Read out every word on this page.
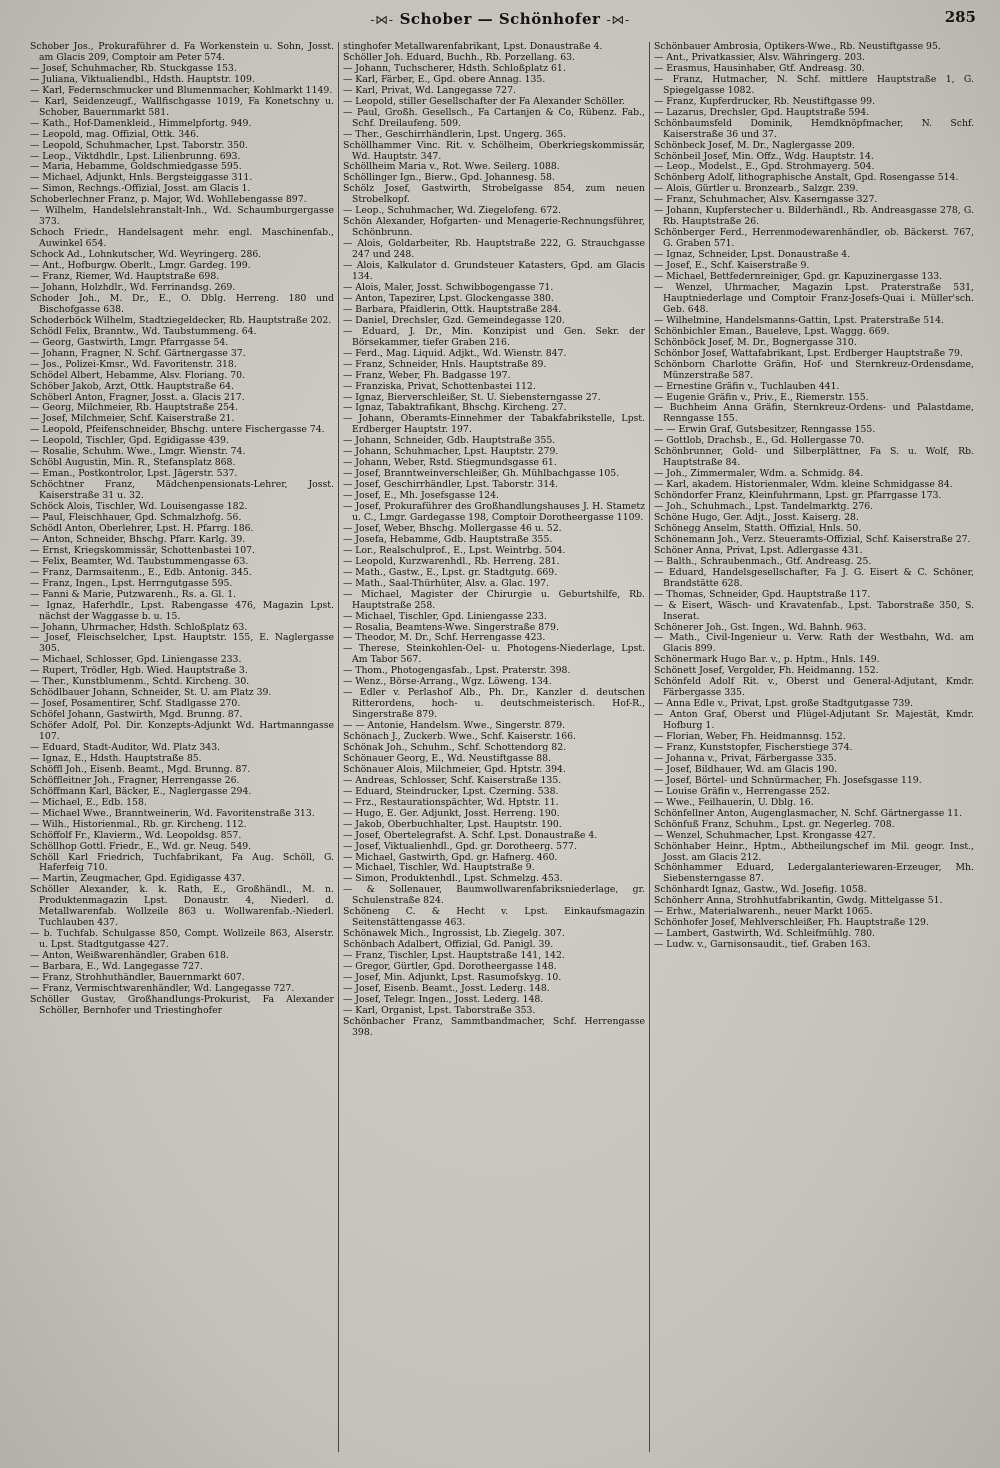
-⋈- Schober — Schönhofer -⋈-	285

Schober Jos., Prokuraführer d. Fa Workenstein u. Sohn, Josst. am Glacis 209, Comptoir am Peter 574.

— Josef, Schuhmacher, Rb. Stuckgasse 153.

— Juliana, Viktualiendbl., Hdsth. Hauptstr. 109.

— Karl, Federnschmucker und Blumenmacher, Kohlmarkt 1149.

— Karl, Seidenzeugf., Wallfischgasse 1019, Fa Konetschny u. Schober, Bauernmarkt 581.

— Kath., Hof-Damenkleid., Himmelpfortg. 949.

— Leopold, mag. Offizial, Ottk. 346.

— Leopold, Schuhmacher, Lpst. Taborstr. 350.

— Leop., Viktdhdlr., Lpst. Lilienbrunng. 693.

— Maria, Hebamme, Goldschmiedgasse 595.

— Michael, Adjunkt, Hnls. Bergsteiggasse 311.

— Simon, Rechngs.-Offizial, Josst. am Glacis 1.

Schoberlechner Franz, p. Major, Wd. Wohllebengasse 897.

— Wilhelm, Handelslehranstalt-Inh., Wd. Schaumburgergasse 373.

Schoch Friedr., Handelsagent mehr. engl. Maschinenfab., Auwinkel 654.

Schock Ad., Lohnkutscher, Wd. Weyringerg. 286.

— Ant., Hofburgw. Oberlt., Lmgr. Gardeg. 199.

— Franz, Riemer, Wd. Hauptstraße 698.

— Johann, Holzhdlr., Wd. Ferrinandsg. 269.

Schoder Joh., M. Dr., E., O. Dblg. Herreng. 180 und Bischofgasse 638.

Schoderböck Wilhelm, Stadtziegeldecker, Rb. Hauptstraße 202.

Schödl Felix, Branntw., Wd. Taubstummeng. 64.

— Georg, Gastwirth, Lmgr. Pfarrgasse 54.

— Johann, Fragner, N. Schf. Gärtnergasse 37.

— Jos., Polizei-Kmsr., Wd. Favoritenstr. 318.

Schödel Albert, Hebamme, Alsv. Floriang. 70.

Schöber Jakob, Arzt, Ottk. Hauptstraße 64.

Schöberl Anton, Fragner, Josst. a. Glacis 217.

— Georg, Milchmeier, Rb. Hauptstraße 254.

— Josef, Milchmeier, Schf. Kaiserstraße 21.

— Leopold, Pfeifenschneider, Bhschg. untere Fischergasse 74.

— Leopold, Tischler, Gpd. Egidigasse 439.

— Rosalie, Schuhm. Wwe., Lmgr. Wienstr. 74.

Schöbl Augustin, Min. R., Stefansplatz 868.

— Eman., Postkontrolor, Lpst. Jägerstr. 537.

Schöchtner Franz, Mädchenpensionats-Lehrer, Josst. Kaiserstraße 31 u. 32.

Schöck Alois, Tischler, Wd. Louisengasse 182.

— Paul, Fleischhauer, Gpd. Schmalzhofg. 56.

Schödl Anton, Oberlehrer, Lpst. H. Pfarrg. 186.

— Anton, Schneider, Bhschg. Pfarr. Karlg. 39.

— Ernst, Kriegskommissär, Schottenbastei 107.

— Felix, Beamter, Wd. Taubstummengasse 63.

— Franz, Darmsaitenm., E., Edb. Antonig. 345.

— Franz, Ingen., Lpst. Herrngutgasse 595.

— Fanni & Marie, Putzwarenh., Rs. a. Gl. 1.

— Ignaz, Haferhdlr., Lpst. Rabengasse 476, Magazin Lpst. nächst der Waggasse b. u. 15.

— Johann, Uhrmacher, Hdsth. Schloßplatz 63.

— Josef, Fleischselcher, Lpst. Hauptstr. 155, E. Naglergasse 305.

— Michael, Schlosser, Gpd. Liniengasse 233.

— Rupert, Trödler, Hgb. Wied. Hauptstraße 3.

— Ther., Kunstblumenm., Schtd. Kircheng. 30.

Schödlbauer Johann, Schneider, St. U. am Platz 39.

— Josef, Posamentirer, Schf. Stadlgasse 270.

Schöfel Johann, Gastwirth, Mgd. Brunng. 87.

Schöfer Adolf, Pol. Dir. Konzepts-Adjunkt Wd. Hartmanngasse 107.

— Eduard, Stadt-Auditor, Wd. Platz 343.

— Ignaz, E., Hdsth. Hauptstraße 85.

Schöffl Joh., Eisenb. Beamt., Mgd. Brunng. 87.

Schöffleitner Joh., Fragner, Herrengasse 26.

Schöffmann Karl, Bäcker, E., Naglergasse 294.

— Michael, E., Edb. 158.

— Michael Wwe., Branntweinerin, Wd. Favoritenstraße 313.

— Wilh., Historienmal., Rb. gr. Kircheng. 112.

Schöffolf Fr., Klavierm., Wd. Leopoldsg. 857.

Schöllhop Gottl. Friedr., E., Wd. gr. Neug. 549.

Schöll Karl Friedrich, Tuchfabrikant, Fa Aug. Schöll, G. Haferfeig 710.

— Martin, Zeugmacher, Gpd. Egidigasse 437.

Schöller Alexander, k. k. Rath, E., Großhändl., M. n. Produktenmagazin Lpst. Donaustr. 4, Niederl. d. Metallwarenfab. Wollzeile 863 u. Wollwarenfab.-Niederl. Tuchlauben 437.

— b. Tuchfab. Schulgasse 850, Compt. Wollzeile 863, Alserstr. u. Lpst. Stadtgutgasse 427.

— Anton, Weißwarenhändler, Graben 618.

— Barbara, E., Wd. Langegasse 727.

— Franz, Strohhuthändler, Bauernmarkt 607.

— Franz, Vermischtwarenhändler, Wd. Langegasse 727.

Schöller Gustav, Großhandlungs-Prokurist, Fa Alexander Schöller, Bernhofer und Triestinghofer

stinghofer Metallwarenfabrikant, Lpst. Donaustraße 4.

Schöller Joh. Eduard, Buchh., Rb. Porzellang. 63.

— Johann, Tuchscherer, Hdsth. Schloßplatz 61.

— Karl, Färber, E., Gpd. obere Annag. 135.

— Karl, Privat, Wd. Langegasse 727.

— Leopold, stiller Gesellschafter der Fa Alexander Schöller.

— Paul, Großh. Gesellsch., Fa Cartanjen & Co, Rübenz. Fab., Schf. Dreilaufeng. 509.

— Ther., Geschirrhändlerin, Lpst. Ungerg. 365.

Schöllhammer Vinc. Rit. v. Schölheim, Oberkriegskommissär, Wd. Hauptstr. 347.

Schöllheim Maria v., Rot. Wwe. Seilerg. 1088.

Schöllinger Ign., Bierw., Gpd. Johannesg. 58.

Schölz Josef, Gastwirth, Strobelgasse 854, zum neuen Strobelkopf.

— Leop., Schuhmacher, Wd. Ziegelofeng. 672.

Schön Alexander, Hofgarten- und Menagerie-Rechnungsführer, Schönbrunn.

— Alois, Goldarbeiter, Rb. Hauptstraße 222, G. Strauchgasse 247 und 248.

— Alois, Kalkulator d. Grundsteuer Katasters, Gpd. am Glacis 134.

— Alois, Maler, Josst. Schwibbogengasse 71.

— Anton, Tapezirer, Lpst. Glockengasse 380.

— Barbara, Pfaidlerin, Ottk. Hauptstraße 284.

— Daniel, Drechsler, Gzd. Gemeindegasse 120.

— Eduard, J. Dr., Min. Konzipist und Gen. Sekr. der Börsekammer, tiefer Graben 216.

— Ferd., Mag. Liquid. Adjkt., Wd. Wienstr. 847.

— Franz, Schneider, Hnls. Hauptstraße 89.

— Franz, Weber, Fh. Badgasse 197.

— Franziska, Privat, Schottenbastei 112.

— Ignaz, Bierverschleißer, St. U. Siebensterngasse 27.

— Ignaz, Tabaktrafikant, Bhschg. Kircheng. 27.

— Johann, Oberamts-Einnehmer der Tabakfabrikstelle, Lpst. Erdberger Hauptstr. 197.

— Johann, Schneider, Gdb. Hauptstraße 355.

— Johann, Schuhmacher, Lpst. Hauptstr. 279.

— Johann, Weber, Rstd. Stiegmundsgasse 61.

— Josef, Branntweinverschleißer, Gh. Mühlbachgasse 105.

— Josef, Geschirrhändler, Lpst. Taborstr. 314.

— Josef, E., Mh. Josefsgasse 124.

— Josef, Prokuraführer des Großhandlungshauses J. H. Stametz u. C., Lmgr. Gardegasse 198, Comptoir Dorotheergasse 1109.

— Josef, Weber, Bhschg. Mollergasse 46 u. 52.

— Josefa, Hebamme, Gdb. Hauptstraße 355.

— Lor., Realschulprof., E., Lpst. Weintrbg. 504.

— Leopold, Kurzwarenhdl., Rb. Herreng. 281.

— Math., Gastw., E., Lpst. gr. Stadtgutg. 669.

— Math., Saal-Thürhüter, Alsv. a. Glac. 197.

— Michael, Magister der Chirurgie u. Geburtshilfe, Rb. Hauptstraße 258.

— Michael, Tischler, Gpd. Liniengasse 233.

— Rosalia, Beamtens-Wwe. Singerstraße 879.

— Theodor, M. Dr., Schf. Herrengasse 423.

— Therese, Steinkohlen-Oel- u. Photogens-Niederlage, Lpst. Am Tabor 567.

— Thom., Photogengasfab., Lpst. Praterstr. 398.

— Wenz., Börse-Arrang., Wgz. Löweng. 134.

— Edler v. Perlashof Alb., Ph. Dr., Kanzler d. deutschen Ritterordens, hoch- u. deutschmeisterisch. Hof-R., Singerstraße 879.

— — Antonie, Handelsm. Wwe., Singerstr. 879.

Schönach J., Zuckerb. Wwe., Schf. Kaiserstr. 166.

Schönak Joh., Schuhm., Schf. Schottendorg 82.

Schönauer Georg, E., Wd. Neustiftgasse 88.

Schönauer Alois, Milchmeier, Gpd. Hptstr. 394.

— Andreas, Schlosser, Schf. Kaiserstraße 135.

— Eduard, Steindrucker, Lpst. Czerning. 538.

— Frz., Restaurationspächter, Wd. Hptstr. 11.

— Hugo, E. Ger. Adjunkt, Josst. Herreng. 190.

— Jakob, Oberbuchhalter, Lpst. Hauptstr. 190.

— Josef, Obertelegrafst. A. Schf. Lpst. Donaustraße 4.

— Josef, Viktualienhdl., Gpd. gr. Dorotheerg. 577.

— Michael, Gastwirth, Gpd. gr. Hafnerg. 460.

— Michael, Tischler, Wd. Hauptstraße 9.

— Simon, Produktenhdl., Lpst. Schmelzg. 453.

— & Sollenauer, Baumwollwarenfabriksniederlage, gr. Schulenstraße 824.

Schöneng C. & Hecht v. Lpst. Einkaufsmagazin Seitenstättengasse 463.

Schönawek Mich., Ingrossist, Lb. Ziegelg. 307.

Schönbach Adalbert, Offizial, Gd. Panigl. 39.

— Franz, Tischler, Lpst. Hauptstraße 141, 142.

— Gregor, Gürtler, Gpd. Dorotheergasse 148.

— Josef, Min. Adjunkt, Lpst. Rasumofskyg. 10.

— Josef, Eisenb. Beamt., Josst. Lederg. 148.

— Josef, Telegr. Ingen., Josst. Lederg. 148.

— Karl, Organist, Lpst. Taborstraße 353.

Schönbacher Franz, Sammtbandmacher, Schf. Herrengasse 398.

Schönbauer Ambrosia, Optikers-Wwe., Rb. Neustiftgasse 95.

— Ant., Privatkassier, Alsv. Währingerg. 203.

— Erasmus, Hausinhaber, Gtf. Andreasg. 30.

— Franz, Hutmacher, N. Schf. mittlere Hauptstraße 1, G. Spiegelgasse 1082.

— Franz, Kupferdrucker, Rb. Neustiftgasse 99.

— Lazarus, Drechsler, Gpd. Hauptstraße 594.

Schönbaumsfeld Dominik, Hemdknöpfmacher, N. Schf. Kaiserstraße 36 und 37.

Schönbeck Josef, M. Dr., Naglergasse 209.

Schönbeil Josef, Min. Offz., Wdg. Hauptstr. 14.

— Leop., Modelst., E., Gpd. Strohmayerg. 504.

Schönberg Adolf, lithographische Anstalt, Gpd. Rosengasse 514.

— Alois, Gürtler u. Bronzearb., Salzgr. 239.

— Franz, Schuhmacher, Alsv. Kaserngasse 327.

— Johann, Kupferstecher u. Bilderhändl., Rb. Andreasgasse 278, G. Rb. Hauptstraße 26.

Schönberger Ferd., Herrenmodewarenhändler, ob. Bäckerst. 767, G. Graben 571.

— Ignaz, Schneider, Lpst. Donaustraße 4.

— Josef, E., Schf. Kaiserstraße 9.

— Michael, Bettfedernreiniger, Gpd. gr. Kapuzinergasse 133.

— Wenzel, Uhrmacher, Magazin Lpst. Praterstraße 531, Hauptniederlage und Comptoir Franz-Josefs-Quai i. Müller'sch. Geb. 648.

— Wilhelmine, Handelsmanns-Gattin, Lpst. Praterstraße 514.

Schönbichler Eman., Baueleve, Lpst. Waggg. 669.

Schönböck Josef, M. Dr., Bognergasse 310.

Schönbor Josef, Wattafabrikant, Lpst. Erdberger Hauptstraße 79.

Schönborn Charlotte Gräfin, Hof- und Sternkreuz-Ordensdame, Münzerstraße 587.

— Ernestine Gräfin v., Tuchlauben 441.

— Eugenie Gräfin v., Priv., E., Riemerstr. 155.

— Buchheim Anna Gräfin, Sternkreuz-Ordens- und Palastdame, Renngasse 155.

— — Erwin Graf, Gutsbesitzer, Renngasse 155.

— Gottlob, Drachsb., E., Gd. Hollergasse 70.

Schönbrunner, Gold- und Silberplättner, Fa S. u. Wolf, Rb. Hauptstraße 84.

— Joh., Zimmermaler, Wdm. a. Schmidg. 84.

— Karl, akadem. Historienmaler, Wdm. kleine Schmidgasse 84.

Schöndorfer Franz, Kleinfuhrmann, Lpst. gr. Pfarrgasse 173.

— Joh., Schuhmach., Lpst. Tandelmarktg. 276.

Schöne Hugo, Ger. Adjt., Josst. Kaiserg. 28.

Schönegg Anselm, Statth. Offizial, Hnls. 50.

Schönemann Joh., Verz. Steueramts-Offizial, Schf. Kaiserstraße 27.

Schöner Anna, Privat, Lpst. Adlergasse 431.

— Balth., Schraubenmach., Gtf. Andreasg. 25.

— Eduard, Handelsgesellschafter, Fa J. G. Eisert & C. Schöner, Brandstätte 628.

— Thomas, Schneider, Gpd. Hauptstraße 117.

— & Eisert, Wäsch- und Kravatenfab., Lpst. Taborstraße 350, S. Inserat.

Schönerer Joh., Gst. Ingen., Wd. Bahnh. 963.

— Math., Civil-Ingenieur u. Verw. Rath der Westbahn, Wd. am Glacis 899.

Schönermark Hugo Bar. v., p. Hptm., Hnls. 149.

Schönett Josef, Vergolder, Fh. Heidmanng. 152.

Schönfeld Adolf Rit. v., Oberst und General-Adjutant, Kmdr. Färbergasse 335.

— Anna Edle v., Privat, Lpst. große Stadtgutgasse 739.

— Anton Graf, Oberst und Flügel-Adjutant Sr. Majestät, Kmdr. Hofburg 1.

— Florian, Weber, Fh. Heidmannsg. 152.

— Franz, Kunststopfer, Fischerstiege 374.

— Johanna v., Privat, Färbergasse 335.

— Josef, Bildhauer, Wd. am Glacis 190.

— Josef, Börtel- und Schnürmacher, Fh. Josefsgasse 119.

— Louise Gräfin v., Herrengasse 252.

— Wwe., Feilhauerin, U. Dblg. 16.

Schönfellner Anton, Augenglasmacher, N. Schf. Gärtnergasse 11.

Schönfuß Franz, Schuhm., Lpst. gr. Negerleg. 708.

— Wenzel, Schuhmacher, Lpst. Krongasse 427.

Schönhaber Heinr., Hptm., Abtheilungschef im Mil. geogr. Inst., Josst. am Glacis 212.

Schönhammer Eduard, Ledergalanteriewaren-Erzeuger, Mh. Siebensterngasse 87.

Schönhardt Ignaz, Gastw., Wd. Josefig. 1058.

Schönherr Anna, Strohhutfabrikantin, Gwdg. Mittelgasse 51.

— Erhw., Materialwarenh., neuer Markt 1065.

Schönhofer Josef, Mehlverschleißer, Fh. Hauptstraße 129.

— Lambert, Gastwirth, Wd. Schleifmühlg. 780.

— Ludw. v., Garnisonsaudit., tief. Graben 163.
